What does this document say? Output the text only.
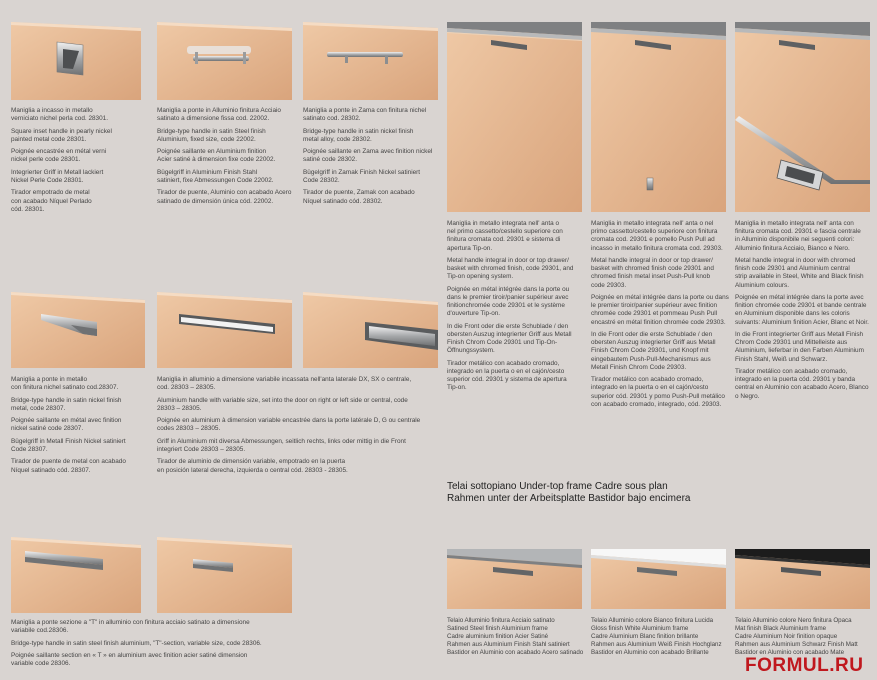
Maniglia a incasso in metallo
verniciato nichel perla cod. 28301.

Square inset handle in pearly nickel
painted metal code 28301.

Poignée encastrée en métal verni
nickel perle code 28301.

Integrierter Griff in Metall lackiert
Nickel Perle Code 28301.

Tirador empotrado de metal
con acabado Níquel Perlado
cód. 28301.

Maniglia a ponte in Alluminio finitura Acciaio
satinato a dimensione fissa cod. 22002.

Bridge-type handle in satin Steel finish
Aluminium, fixed size, code 22002.

Poignée saillante en Aluminium finition
Acier satiné à dimension fixe code 22002.

Bügelgriff in Aluminium Finish Stahl
satiniert, fixe Abmessungen Code 22002.

Tirador de puente, Aluminio con acabado Acero
satinado de dimensión única cód. 22002.

Maniglia a ponte in Zama con finitura nichel
satinato cod. 28302.

Bridge-type handle in satin nickel finish
metal alloy, code 28302.

Poignée saillante en Zama avec finition nickel
satiné code 28302.

Bügelgriff in Zamak Finish Nickel satiniert
Code 28302.

Tirador de puente, Zamak con acabado
Níquel satinado cód. 28302.

Maniglia in metallo integrata nell' anta o
nel primo cassetto/cestello superiore con
finitura cromata cod. 29301 e sistema di
apertura Tip-on.

Metal handle integral in door or top drawer/
basket with chromed finish, code 29301, and
Tip-on opening system.

Poignée en métal intégrée dans la porte ou
dans le premier tiroir/panier supérieur avec
finitionchromée code 29301 et le système
d'ouverture Tip-on.

In die Front oder die erste Schublade / den
obersten Auszug integrierter Griff aus Metall
Finish Chrom Code 29301 und Tip-On-
Öffnungssystem.

Tirador metálico con acabado cromado,
integrado en la puerta o en el cajón/cesto
superior cód. 29301 y sistema de apertura
Tip-on.

Maniglia in metallo integrata nell' anta o nel
primo cassetto/cestello superiore con finitura
cromata cod. 29301 e pomello Push Pull ad
incasso in metallo finitura cromata cod. 29303.

Metal handle integral in door or top drawer/
basket with chromed finish code 29301 and
chromed finish metal inset Push-Pull knob
code 29303.

Poignée en métal intégrée dans la porte ou dans
le premier tiroir/panier supérieur avec finition
chromée code 29301 et pommeau Push Pull
encastré en métal finition chromée code 29303.

In die Front oder die erste Schublade / den
obersten Auszug integrierter Griff aus Metall
Finish Chrom Code 29301, und Knopf mit
eingebautem Push-Pull-Mechanismus aus
Metall Finish Chrom Code 29303.

Tirador metálico con acabado cromado,
integrado en la puerta o en el cajón/cesto
superior cód. 29301 y pomo Push-Pull metálico
con acabado cromado, integrado, cód. 29303.

Maniglia in metallo integrata nell' anta con
finitura cromata cod. 29301 e fascia centrale
in Alluminio disponibile nei seguenti colori:
Alluminio finitura Acciaio, Bianco e Nero.

Metal handle integral in door with chromed
finish code 29301 and Aluminium central
strip available in Steel, White and Black finish
Aluminium colours.

Poignée en métal intégrée dans la porte avec
finition chromée code 29301 et bande centrale
en Aluminium disponible dans les coloris
suivants: Aluminium finition Acier, Blanc et Noir.

In die Front integrierter Griff aus Metall Finish
Chrom Code 29301 und Mittelleiste aus
Aluminium, lieferbar in den Farben Aluminium
Finish Stahl, Weiß und Schwarz.

Tirador metálico con acabado cromado,
integrado en la puerta cód. 29301 y banda
central en Aluminio con acabado Acero, Blanco
o Negro.

Maniglia a ponte in metallo
con finitura nichel satinato cod.28307.

Bridge-type handle in satin nickel finish
metal, code 28307.

Poignée saillante en métal avec finition
nickel satiné code 28307.

Bügelgriff in Metall Finish Nickel satiniert
Code 28307.

Tirador de puente de metal con acabado
Níquel satinado cód. 28307.

Maniglia in alluminio a dimensione variabile incassata nell'anta laterale DX, SX o centrale,
cod. 28303 – 28305.

Aluminium handle with variable size, set into the door on right or left side or central, code
28303 – 28305.

Poignée en aluminium à dimension variable encastrée dans la porte latérale D, G ou centrale
codes 28303 – 28305.

Griff in Aluminium mit diversa Abmessungen, seitlich rechts, links oder mittig in die Front
integriert Code 28303 – 28305.

Tirador de aluminio de dimensión variable, empotrado en la puerta
en posición lateral derecha, izquierda o central cód. 28303 - 28305.

Maniglia a ponte sezione a "T" in alluminio con finitura acciaio satinato a dimensione
variabile cod.28306.

Bridge-type handle in satin steel finish aluminium, "T"-section, variable size, code 28306.

Poignée saillante section en « T » en aluminium avec finition acier satiné dimension
variable code 28306.

Telai sottopiano Under-top frame Cadre sous plan

Rahmen unter der Arbeitsplatte Bastidor bajo encimera

Telaio Alluminio finitura Acciaio satinato
Satined Steel finish Aluminium frame
Cadre aluminium finition Acier Satiné
Rahmen aus Aluminium Finish Stahl satiniert
Bastidor en Aluminio con acabado Acero satinado

Telaio Alluminio colore Bianco finitura Lucida
Gloss finish White Aluminium frame
Cadre Aluminium Blanc finition brillante
Rahmen aus Aluminium Weiß Finish Hochglanz
Bastidor en Aluminio con acabado Brillante

Telaio Alluminio colore Nero finitura Opaca
Mat finish Black Aluminium frame
Cadre Aluminium Noir finition opaque
Rahmen aus Aluminium Schwarz Finish Matt
Bastidor en Aluminio con acabado Mate

FORMUL.RU
